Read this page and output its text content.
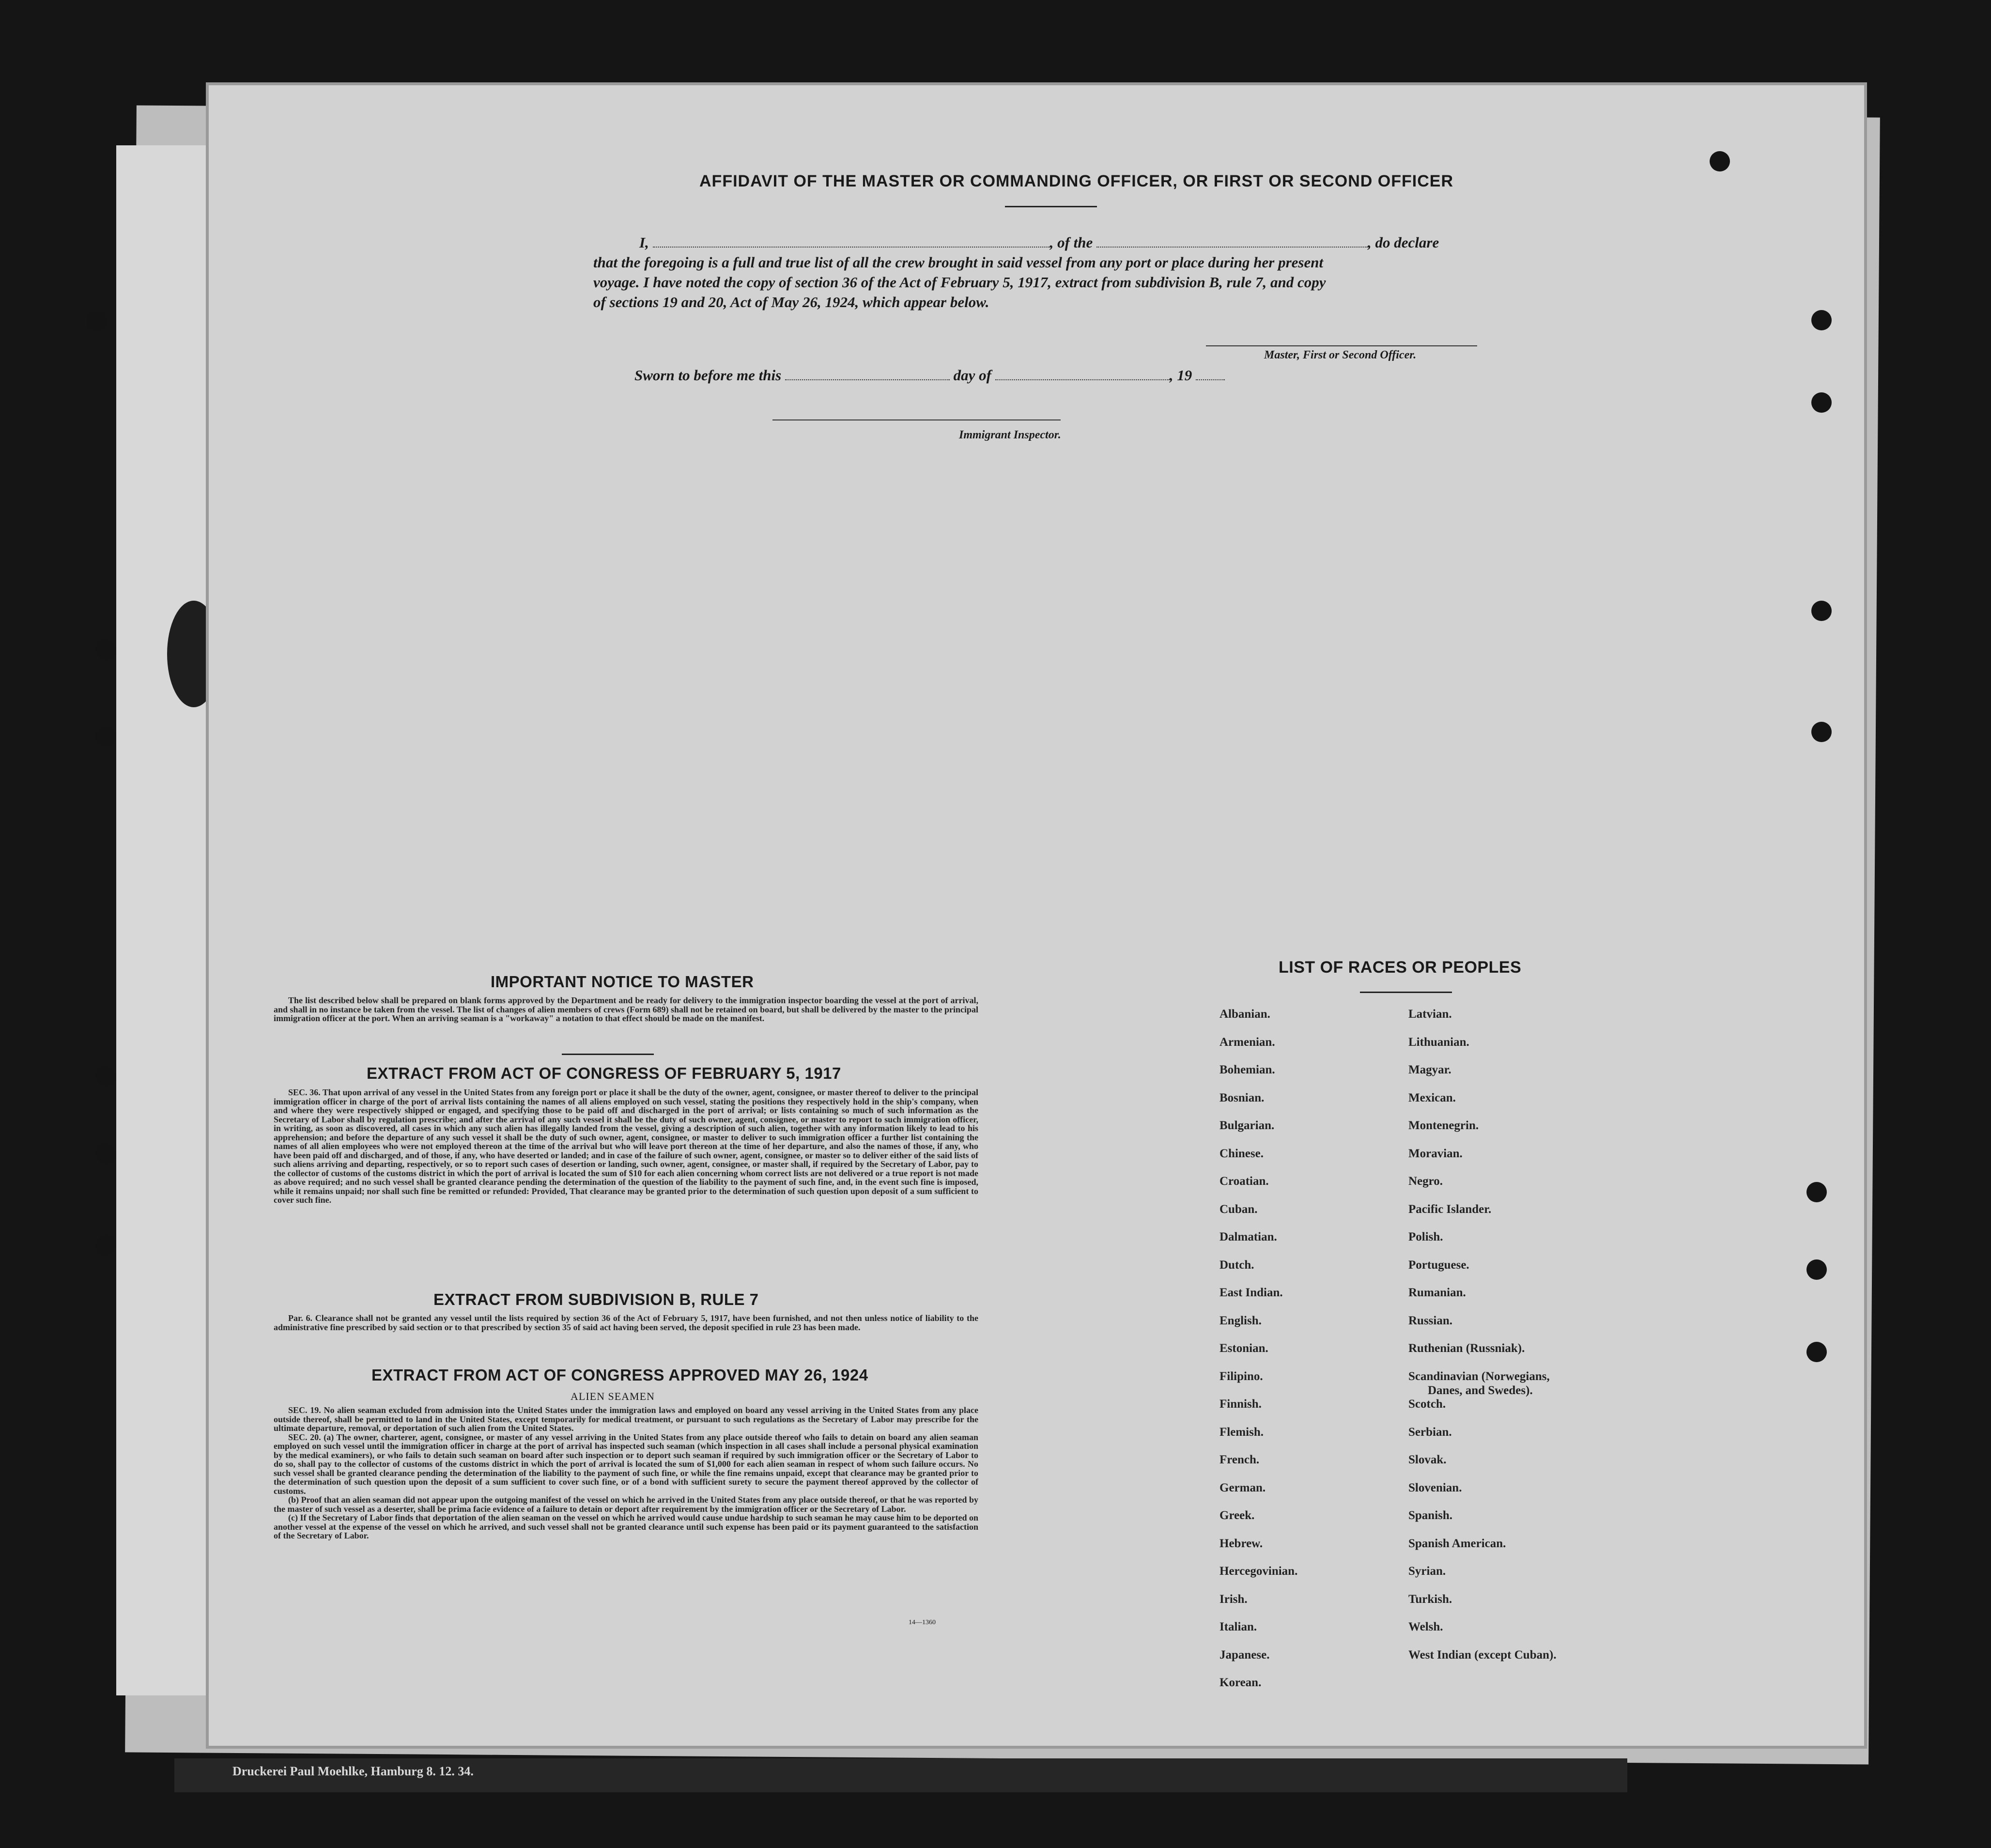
Druckerei Paul Moehlke, Hamburg 8. 12. 34.
AFFIDAVIT OF THE MASTER OR COMMANDING OFFICER, OR FIRST OR SECOND OFFICER
I,	, of the	, do declare
that the foregoing is a full and true list of all the crew brought in said vessel from any port or place during her present
voyage. I have noted the copy of section 36 of the Act of February 5, 1917, extract from subdivision B, rule 7, and copy
of sections 19 and 20, Act of May 26, 1924, which appear below.
Master, First or Second Officer.
Sworn to before me this	day of	, 19
Immigrant Inspector.
IMPORTANT NOTICE TO MASTER

The list described below shall be prepared on blank forms approved by the Department and be ready for delivery to the immigration inspector boarding the vessel at the port of arrival, and shall in no instance be taken from the vessel. The list of changes of alien members of crews (Form 689) shall not be retained on board, but shall be delivered by the master to the principal immigration officer at the port. When an arriving seaman is a "workaway" a notation to that effect should be made on the manifest.

EXTRACT FROM ACT OF CONGRESS OF FEBRUARY 5, 1917

SEC. 36. That upon arrival of any vessel in the United States from any foreign port or place it shall be the duty of the owner, agent, consignee, or master thereof to deliver to the principal immigration officer in charge of the port of arrival lists containing the names of all aliens employed on such vessel, stating the positions they respectively hold in the ship's company, when and where they were respectively shipped or engaged, and specifying those to be paid off and discharged in the port of arrival; or lists containing so much of such information as the Secretary of Labor shall by regulation prescribe; and after the arrival of any such vessel it shall be the duty of such owner, agent, consignee, or master to report to such immigration officer, in writing, as soon as discovered, all cases in which any such alien has illegally landed from the vessel, giving a description of such alien, together with any information likely to lead to his apprehension; and before the departure of any such vessel it shall be the duty of such owner, agent, consignee, or master to deliver to such immigration officer a further list containing the names of all alien employees who were not employed thereon at the time of the arrival but who will leave port thereon at the time of her departure, and also the names of those, if any, who have been paid off and discharged, and of those, if any, who have deserted or landed; and in case of the failure of such owner, agent, consignee, or master so to deliver either of the said lists of such aliens arriving and departing, respectively, or so to report such cases of desertion or landing, such owner, agent, consignee, or master shall, if required by the Secretary of Labor, pay to the collector of customs of the customs district in which the port of arrival is located the sum of $10 for each alien concerning whom correct lists are not delivered or a true report is not made as above required; and no such vessel shall be granted clearance pending the determination of the question of the liability to the payment of such fine, and, in the event such fine is imposed, while it remains unpaid; nor shall such fine be remitted or refunded: Provided, That clearance may be granted prior to the determination of such question upon deposit of a sum sufficient to cover such fine.

EXTRACT FROM SUBDIVISION B, RULE 7

Par. 6. Clearance shall not be granted any vessel until the lists required by section 36 of the Act of February 5, 1917, have been furnished, and not then unless notice of liability to the administrative fine prescribed by said section or to that prescribed by section 35 of said act having been served, the deposit specified in rule 23 has been made.

EXTRACT FROM ACT OF CONGRESS APPROVED MAY 26, 1924
ALIEN SEAMEN

SEC. 19. No alien seaman excluded from admission into the United States under the immigration laws and employed on board any vessel arriving in the United States from any place outside thereof, shall be permitted to land in the United States, except temporarily for medical treatment, or pursuant to such regulations as the Secretary of Labor may prescribe for the ultimate departure, removal, or deportation of such alien from the United States.

SEC. 20. (a) The owner, charterer, agent, consignee, or master of any vessel arriving in the United States from any place outside thereof who fails to detain on board any alien seaman employed on such vessel until the immigration officer in charge at the port of arrival has inspected such seaman (which inspection in all cases shall include a personal physical examination by the medical examiners), or who fails to detain such seaman on board after such inspection or to deport such seaman if required by such immigration officer or the Secretary of Labor to do so, shall pay to the collector of customs of the customs district in which the port of arrival is located the sum of $1,000 for each alien seaman in respect of whom such failure occurs. No such vessel shall be granted clearance pending the determination of the liability to the payment of such fine, or while the fine remains unpaid, except that clearance may be granted prior to the determination of such question upon the deposit of a sum sufficient to cover such fine, or of a bond with sufficient surety to secure the payment thereof approved by the collector of customs.

(b) Proof that an alien seaman did not appear upon the outgoing manifest of the vessel on which he arrived in the United States from any place outside thereof, or that he was reported by the master of such vessel as a deserter, shall be prima facie evidence of a failure to detain or deport after requirement by the immigration officer or the Secretary of Labor.

(c) If the Secretary of Labor finds that deportation of the alien seaman on the vessel on which he arrived would cause undue hardship to such seaman he may cause him to be deported on another vessel at the expense of the vessel on which he arrived, and such vessel shall not be granted clearance until such expense has been paid or its payment guaranteed to the satisfaction of the Secretary of Labor.

14—1360
LIST OF RACES OR PEOPLES
Albanian.
Armenian.
Bohemian.
Bosnian.
Bulgarian.
Chinese.
Croatian.
Cuban.
Dalmatian.
Dutch.
East Indian.
English.
Estonian.
Filipino.
Finnish.
Flemish.
French.
German.
Greek.
Hebrew.
Hercegovinian.
Irish.
Italian.
Japanese.
Korean.
Latvian.
Lithuanian.
Magyar.
Mexican.
Montenegrin.
Moravian.
Negro.
Pacific Islander.
Polish.
Portuguese.
Rumanian.
Russian.
Ruthenian (Russniak).
Scandinavian (Norwegians,
Danes, and Swedes).
Scotch.
Serbian.
Slovak.
Slovenian.
Spanish.
Spanish American.
Syrian.
Turkish.
Welsh.
West Indian (except Cuban).
